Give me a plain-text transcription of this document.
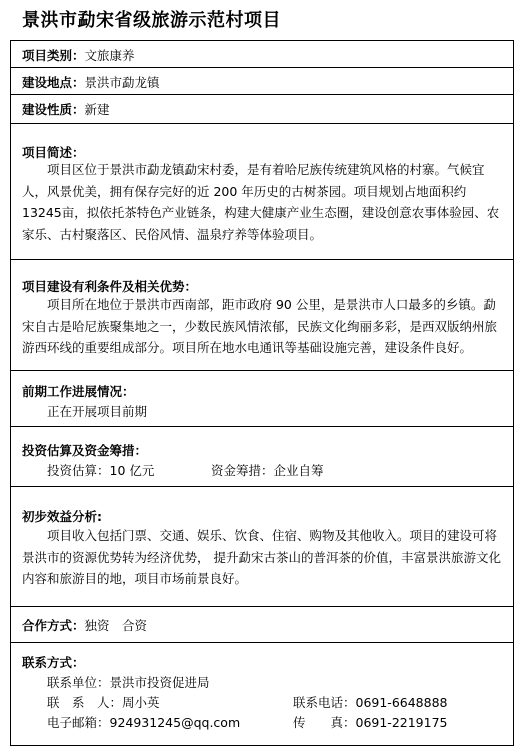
景洪市勐宋省级旅游示范村项目
项目类别：文旅康养
建设地点：景洪市勐龙镇
建设性质：新建
项目简述：
项目区位于景洪市勐龙镇勐宋村委，是有着哈尼族传统建筑风格的村寨。气候宜人，风景优美，拥有保存完好的近 200 年历史的古树茶园。项目规划占地面积约 13245亩，拟依托茶特色产业链条，构建大健康产业生态圈，建设创意农事体验园、农家乐、古村聚落区、民俗风情、温泉疗养等体验项目。
项目建设有利条件及相关优势：
项目所在地位于景洪市西南部，距市政府 90 公里，是景洪市人口最多的乡镇。勐宋自古是哈尼族聚集地之一，少数民族风情浓郁，民族文化绚丽多彩，是西双版纳州旅游西环线的重要组成部分。项目所在地水电通讯等基础设施完善，建设条件良好。
前期工作进展情况：
正在开展项目前期
投资估算及资金筹措：
投资估算：10 亿元	资金筹措：企业自筹
初步效益分析:
项目收入包括门票、交通、娱乐、饮食、住宿、购物及其他收入。项目的建设可将景洪市的资源优势转为经济优势， 提升勐宋古茶山的普洱茶的价值，丰富景洪旅游文化内容和旅游目的地，项目市场前景良好。
合作方式：独资　合资
联系方式：
联系单位：景洪市投资促进局
联　系　人：周小英	联系电话：0691-6648888
电子邮箱：924931245@qq.com	传　　真：0691-2219175
